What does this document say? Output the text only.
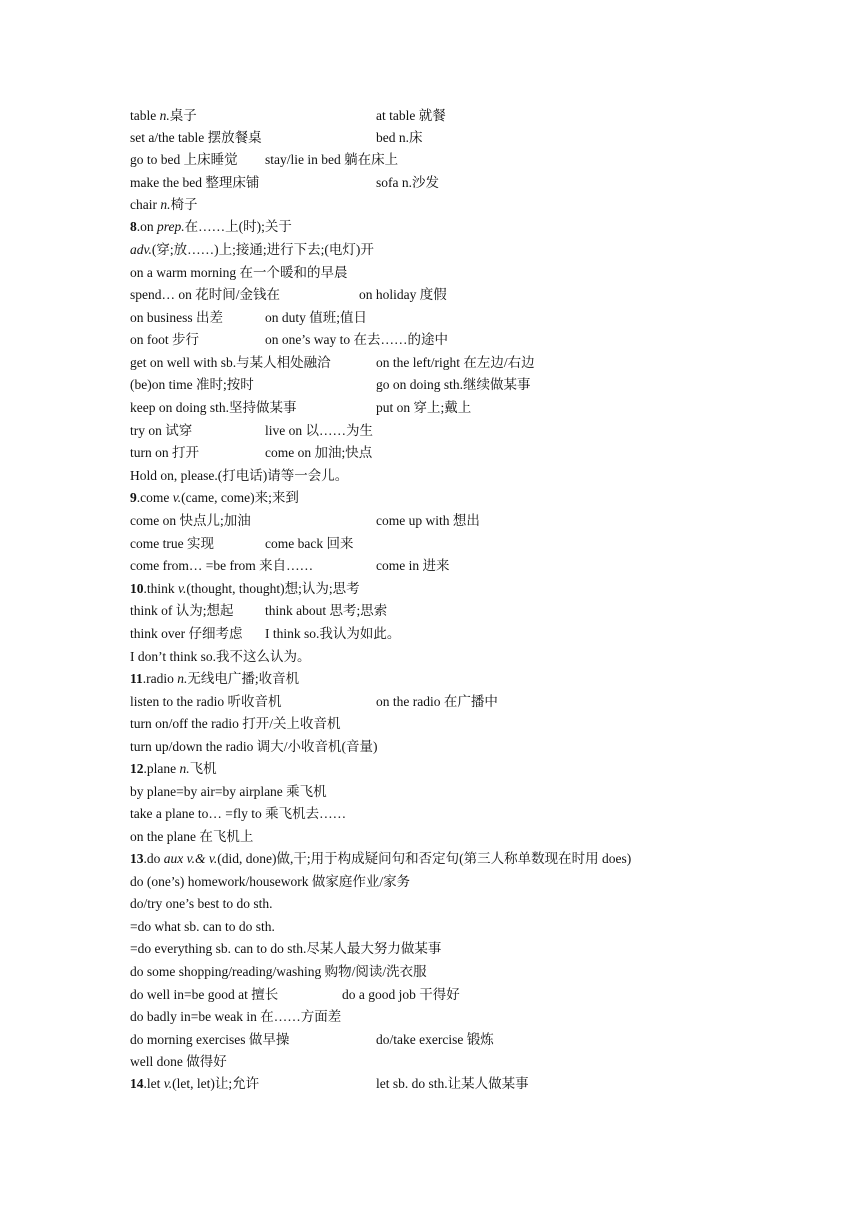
table n.桌子	at table 就餐
set a/the table 摆放餐桌	bed n.床
go to bed 上床睡觉 stay/lie in bed 躺在床上
make the bed 整理床铺	sofa n.沙发
chair n.椅子
8.on prep.在……上(时);关于
adv.(穿;放……)上;接通;进行下去;(电灯)开
on a warm morning 在一个暖和的早晨
spend… on 花时间/金钱在	on holiday 度假
on business 出差	on duty 值班;值日
on foot 步行	on one’s way to 在去……的途中
get on well with sb.与某人相处融洽	on the left/right 在左边/右边
(be)on time 准时;按时	go on doing sth.继续做某事
keep on doing sth.坚持做某事	put on 穿上;戴上
try on 试穿	live on 以……为生
turn on 打开	come on 加油;快点
Hold on, please.(打电话)请等一会儿。
9.come v.(came, come)来;来到
come on 快点儿;加油	come up with 想出
come true 实现	come back 回来
come from… =be from 来自……	come in 进来
10.think v.(thought, thought)想;认为;思考
think of 认为;想起 think about 思考;思索
think over 仔细考虑 I think so.我认为如此。
I don’t think so.我不这么认为。
11.radio n.无线电广播;收音机
listen to the radio 听收音机	on the radio 在广播中
turn on/off the radio 打开/关上收音机
turn up/down the radio 调大/小收音机(音量)
12.plane n.飞机
by plane=by air=by airplane 乘飞机
take a plane to… =fly to 乘飞机去……
on the plane 在飞机上
13.do aux v.& v.(did, done)做,干;用于构成疑问句和否定句(第三人称单数现在时用 does)
do (one’s) homework/housework 做家庭作业/家务
do/try one’s best to do sth.
=do what sb. can to do sth.
=do everything sb. can to do sth.尽某人最大努力做某事
do some shopping/reading/washing 购物/阅读/洗衣服
do well in=be good at 擅长	do a good job 干得好
do badly in=be weak in 在……方面差
do morning exercises 做早操	do/take exercise 锻炼
well done 做得好
14.let v.(let, let)让;允许	let sb. do sth.让某人做某事
